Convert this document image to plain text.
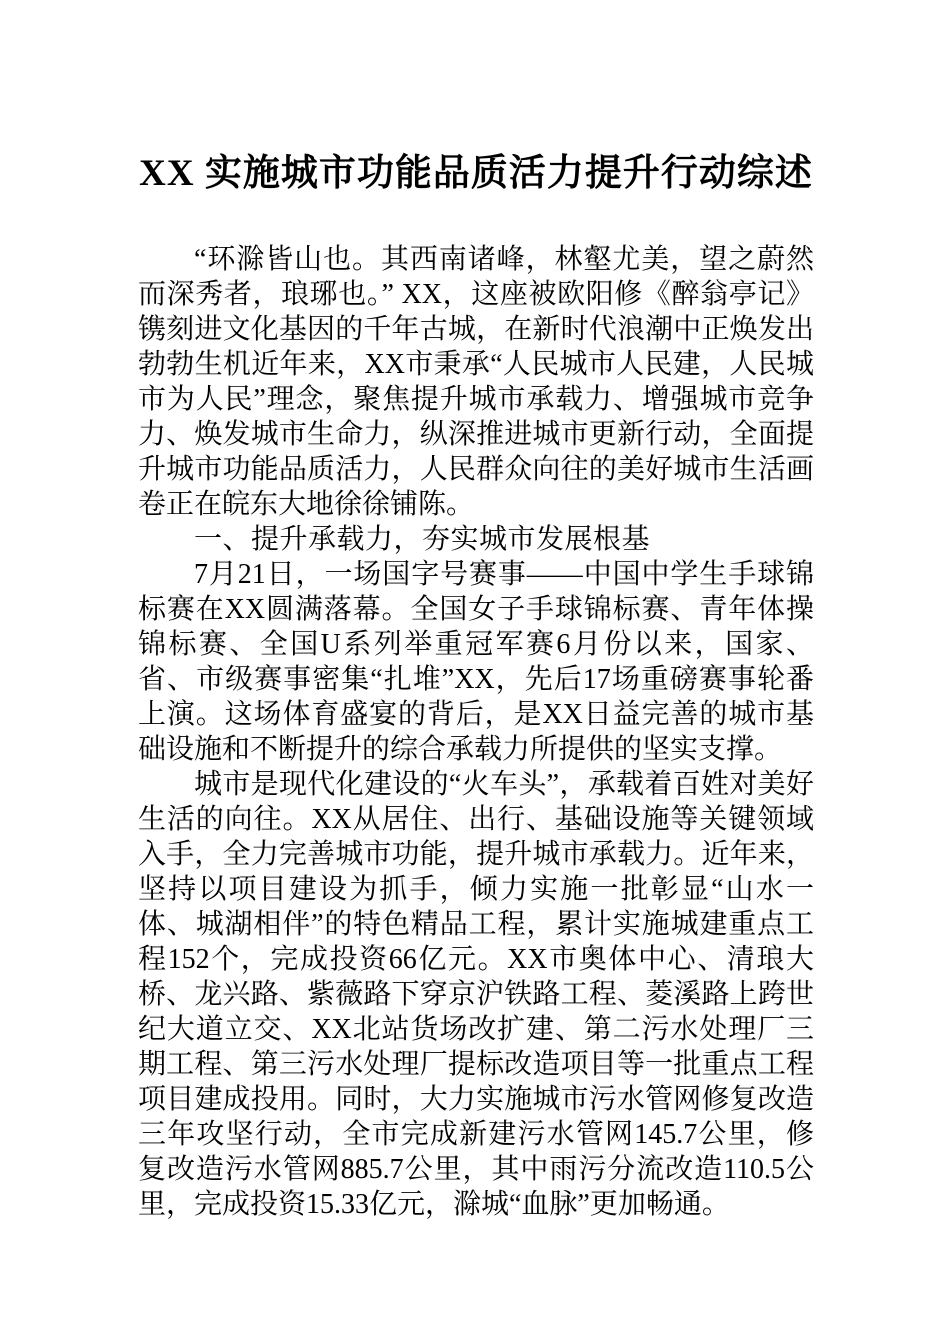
XX 实施城市功能品质活力提升行动综述

“环滁皆山也。其西南诸峰，林壑尤美，望之蔚然而深秀者，琅琊也。” XX，这座被欧阳修《醉翁亭记》镌刻进文化基因的千年古城，在新时代浪潮中正焕发出勃勃生机近年来，XX市秉承“人民城市人民建，人民城市为人民”理念，聚焦提升城市承载力、增强城市竞争力、焕发城市生命力，纵深推进城市更新行动，全面提升城市功能品质活力，人民群众向往的美好城市生活画卷正在皖东大地徐徐铺陈。

一、提升承载力，夯实城市发展根基

7月21日，一场国字号赛事——中国中学生手球锦标赛在XX圆满落幕。全国女子手球锦标赛、青年体操锦标赛、全国U系列举重冠军赛6月份以来，国家、省、市级赛事密集“扎堆”XX，先后17场重磅赛事轮番上演。这场体育盛宴的背后，是XX日益完善的城市基础设施和不断提升的综合承载力所提供的坚实支撑。

城市是现代化建设的“火车头”，承载着百姓对美好生活的向往。XX从居住、出行、基础设施等关键领域入手，全力完善城市功能，提升城市承载力。近年来，坚持以项目建设为抓手，倾力实施一批彰显“山水一体、城湖相伴”的特色精品工程，累计实施城建重点工程152个，完成投资66亿元。XX市奥体中心、清琅大桥、龙兴路、紫薇路下穿京沪铁路工程、菱溪路上跨世纪大道立交、XX北站货场改扩建、第二污水处理厂三期工程、第三污水处理厂提标改造项目等一批重点工程项目建成投用。同时，大力实施城市污水管网修复改造三年攻坚行动，全市完成新建污水管网145.7公里，修复改造污水管网885.7公里，其中雨污分流改造110.5公里，完成投资15.33亿元，滁城“血脉”更加畅通。
